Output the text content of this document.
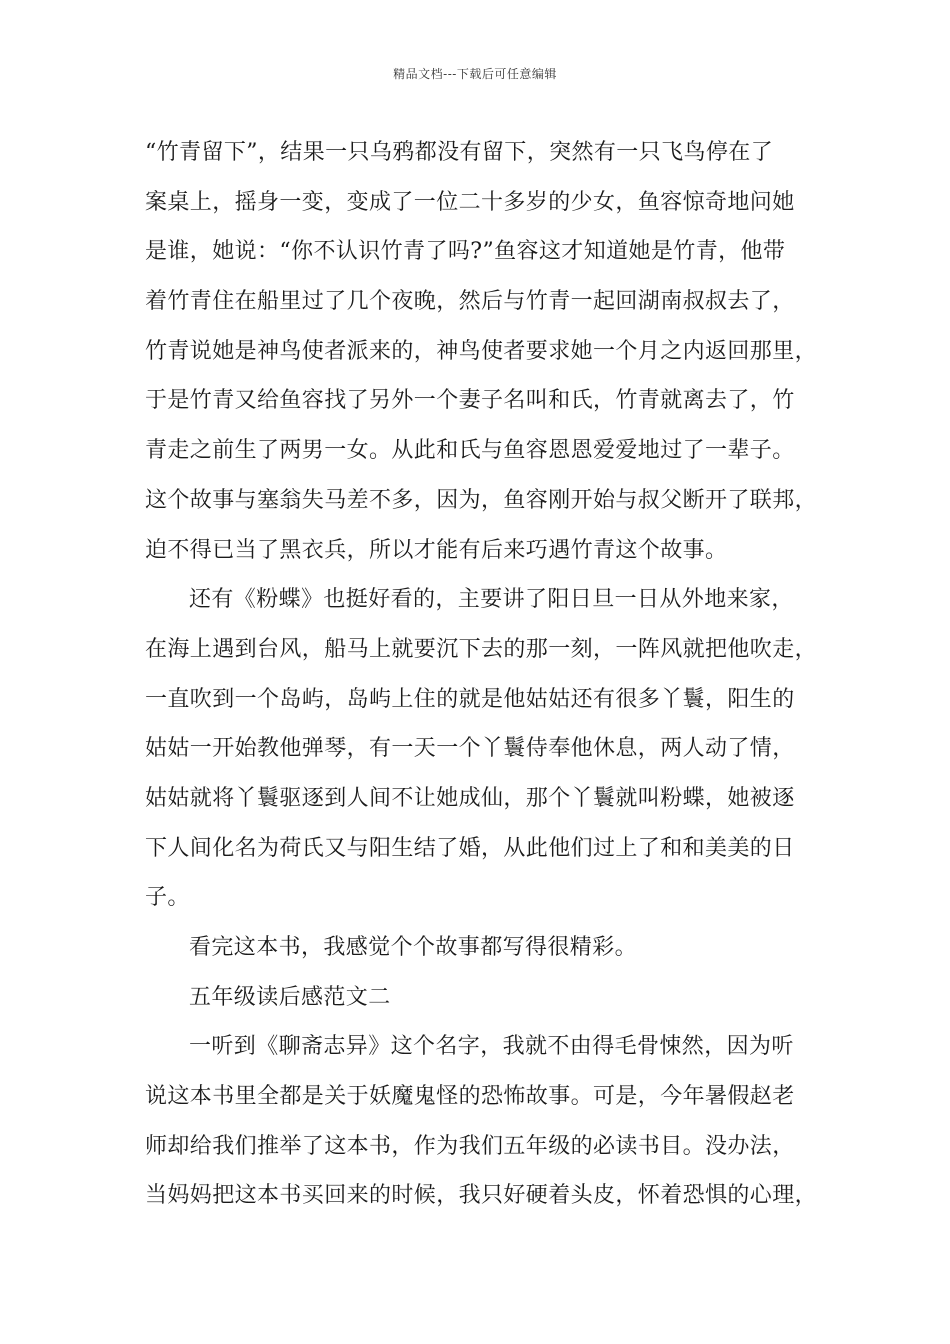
精品文档---下载后可任意编辑
“竹青留下”，结果一只乌鸦都没有留下，突然有一只飞鸟停在了
案桌上，摇身一变，变成了一位二十多岁的少女，鱼容惊奇地问她
是谁，她说：“你不认识竹青了吗?”鱼容这才知道她是竹青，他带
着竹青住在船里过了几个夜晚，然后与竹青一起回湖南叔叔去了，
竹青说她是神鸟使者派来的，神鸟使者要求她一个月之内返回那里，
于是竹青又给鱼容找了另外一个妻子名叫和氏，竹青就离去了，竹
青走之前生了两男一女。从此和氏与鱼容恩恩爱爱地过了一辈子。
这个故事与塞翁失马差不多，因为，鱼容刚开始与叔父断开了联邦，
迫不得已当了黑衣兵，所以才能有后来巧遇竹青这个故事。
还有《粉蝶》也挺好看的，主要讲了阳日旦一日从外地来家，
在海上遇到台风，船马上就要沉下去的那一刻，一阵风就把他吹走，
一直吹到一个岛屿，岛屿上住的就是他姑姑还有很多丫鬟，阳生的
姑姑一开始教他弹琴，有一天一个丫鬟侍奉他休息，两人动了情，
姑姑就将丫鬟驱逐到人间不让她成仙，那个丫鬟就叫粉蝶，她被逐
下人间化名为荷氏又与阳生结了婚，从此他们过上了和和美美的日
子。
看完这本书，我感觉个个故事都写得很精彩。
五年级读后感范文二
一听到《聊斋志异》这个名字，我就不由得毛骨悚然，因为听
说这本书里全都是关于妖魔鬼怪的恐怖故事。可是，今年暑假赵老
师却给我们推举了这本书，作为我们五年级的必读书目。没办法，
当妈妈把这本书买回来的时候，我只好硬着头皮，怀着恐惧的心理，
